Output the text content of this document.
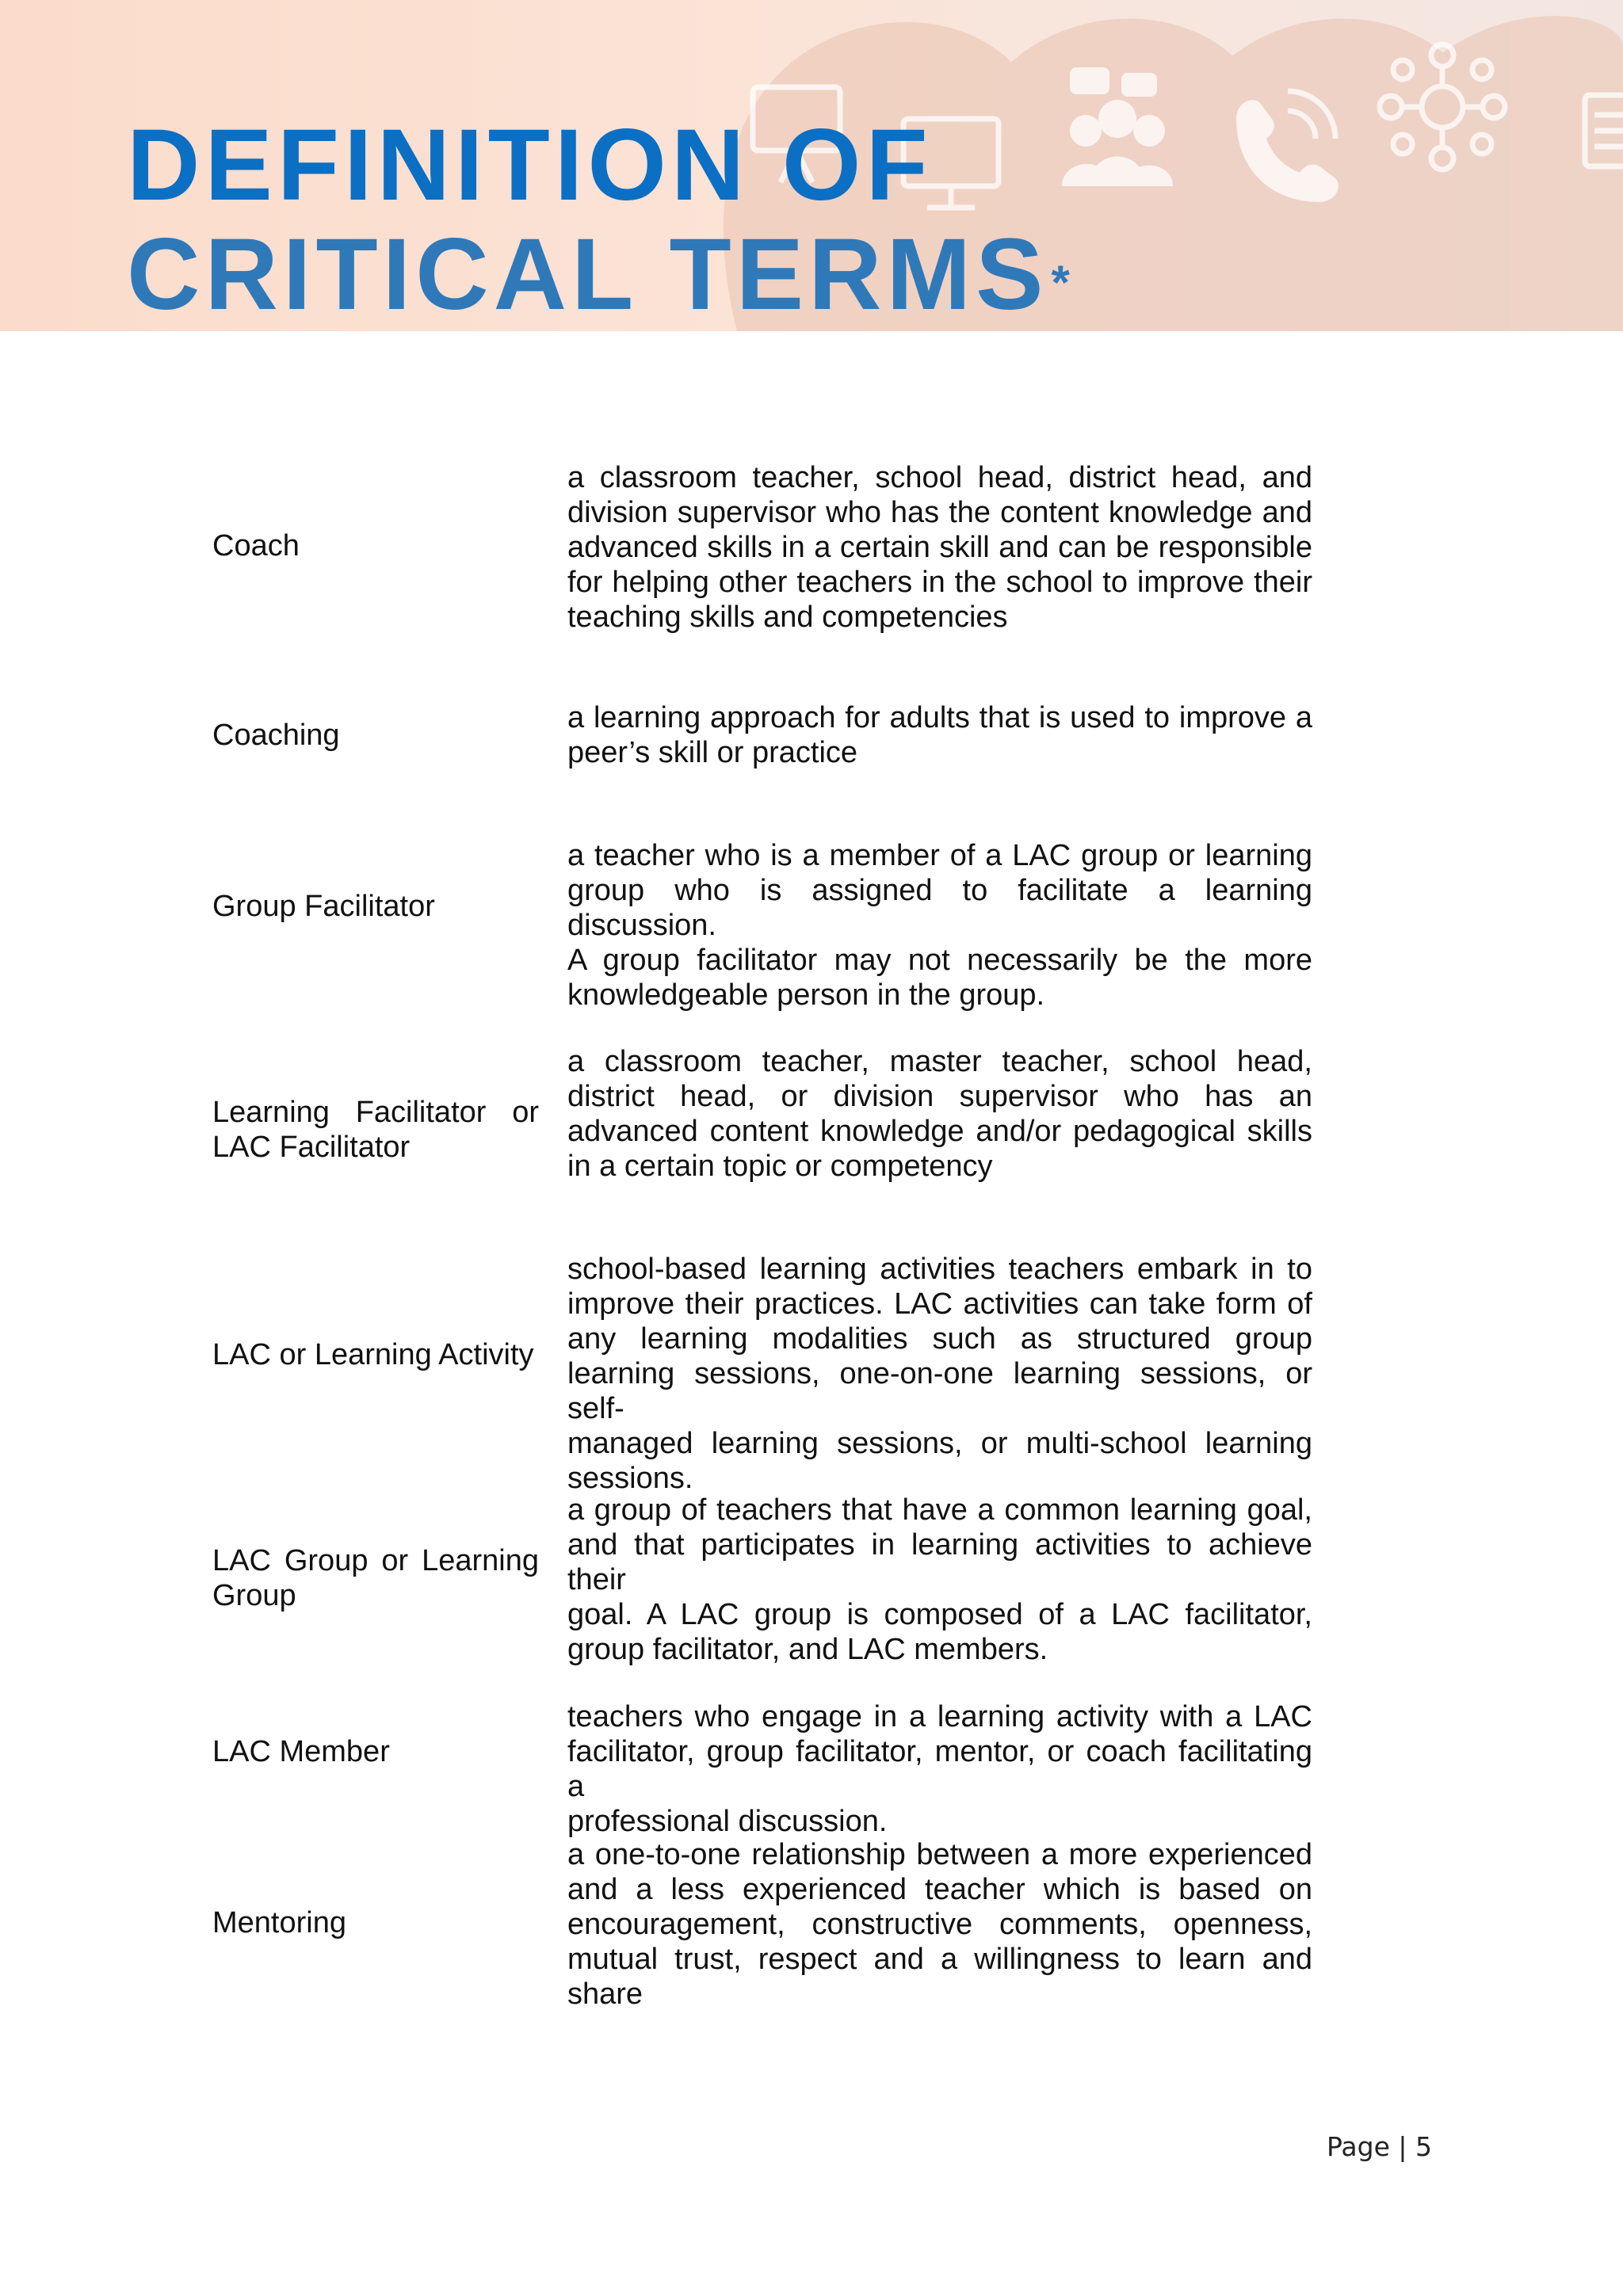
DEFINITION OF
CRITICAL TERMS*
Coach
a classroom teacher, school head, district head, and
division supervisor who has the content knowledge and
advanced skills in a certain skill and can be responsible
for helping other teachers in the school to improve their
teaching skills and competencies
Coaching
a learning approach for adults that is used to improve a
peer’s skill or practice
Group Facilitator
a teacher who is a member of a LAC group or learning
group who is assigned to facilitate a learning discussion.
A group facilitator may not necessarily be the more
knowledgeable person in the group.
Learning Facilitator or LAC Facilitator
a classroom teacher, master teacher, school head,
district head, or division supervisor who has an
advanced content knowledge and/or pedagogical skills
in a certain topic or competency
LAC or Learning Activity
school-based learning activities teachers embark in to
improve their practices. LAC activities can take form of
any learning modalities such as structured group
learning sessions, one-on-one learning sessions, or self-
managed learning sessions, or multi-school learning
sessions.
LAC Group or Learning Group
a group of teachers that have a common learning goal,
and that participates in learning activities to achieve their
goal. A LAC group is composed of a LAC facilitator,
group facilitator, and LAC members.
LAC Member
teachers who engage in a learning activity with a LAC
facilitator, group facilitator, mentor, or coach facilitating a
professional discussion.
Mentoring
a one-to-one relationship between a more experienced
and a less experienced teacher which is based on
encouragement, constructive comments, openness,
mutual trust, respect and a willingness to learn and share
Page | 5
